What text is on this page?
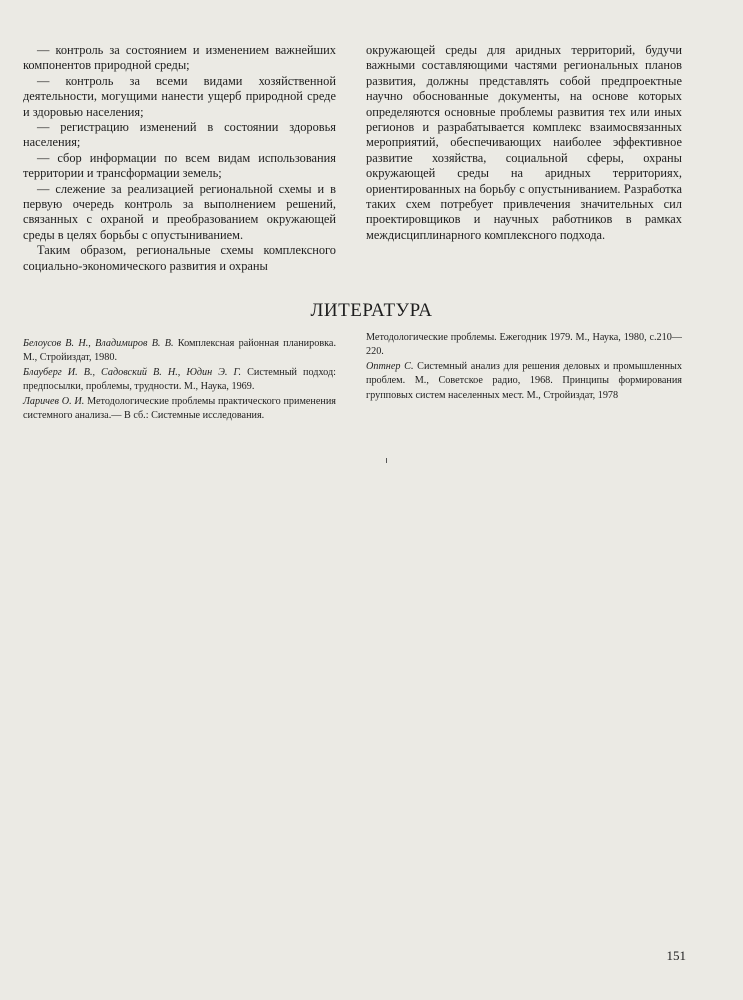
— контроль за состоянием и изменением важнейших компонентов природной среды;

— контроль за всеми видами хозяйственной деятельности, могущими нанести ущерб природной среде и здоровью населения;

— регистрацию изменений в состоянии здоровья населения;

— сбор информации по всем видам использования территории и трансформации земель;

— слежение за реализацией региональной схемы и в первую очередь контроль за выполнением решений, связанных с охраной и преобразованием окружающей среды в целях борьбы с опустыниванием.

Таким образом, региональные схемы комплексного социально-экономического развития и охраны

окружающей среды для аридных территорий, будучи важными составляющими частями региональных планов развития, должны представлять собой предпроектные научно обоснованные документы, на основе которых определяются основные проблемы развития тех или иных регионов и разрабатывается комплекс взаимосвязанных мероприятий, обеспечивающих наиболее эффективное развитие хозяйства, социальной сферы, охраны окружающей среды на аридных территориях, ориентированных на борьбу с опустыниванием. Разработка таких схем потребует привлечения значительных сил проектировщиков и научных работников в рамках междисциплинарного комплексного подхода.

ЛИТЕРАТУРА

Белоусов В. Н., Владимиров В. В. Комплексная районная планировка. М., Стройиздат, 1980.

Блауберг И. В., Садовский В. Н., Юдин Э. Г. Системный подход: предпосылки, проблемы, трудности. М., Наука, 1969.

Ларичев О. И. Методологические проблемы практического применения системного анализа.— В сб.: Системные исследования.

Методологические проблемы. Ежегодник 1979. М., Наука, 1980, с.210—220.

Оптнер С. Системный анализ для решения деловых и промышленных проблем. М., Советское радио, 1968. Принципы формирования групповых систем населенных мест. М., Стройиздат, 1978

151
